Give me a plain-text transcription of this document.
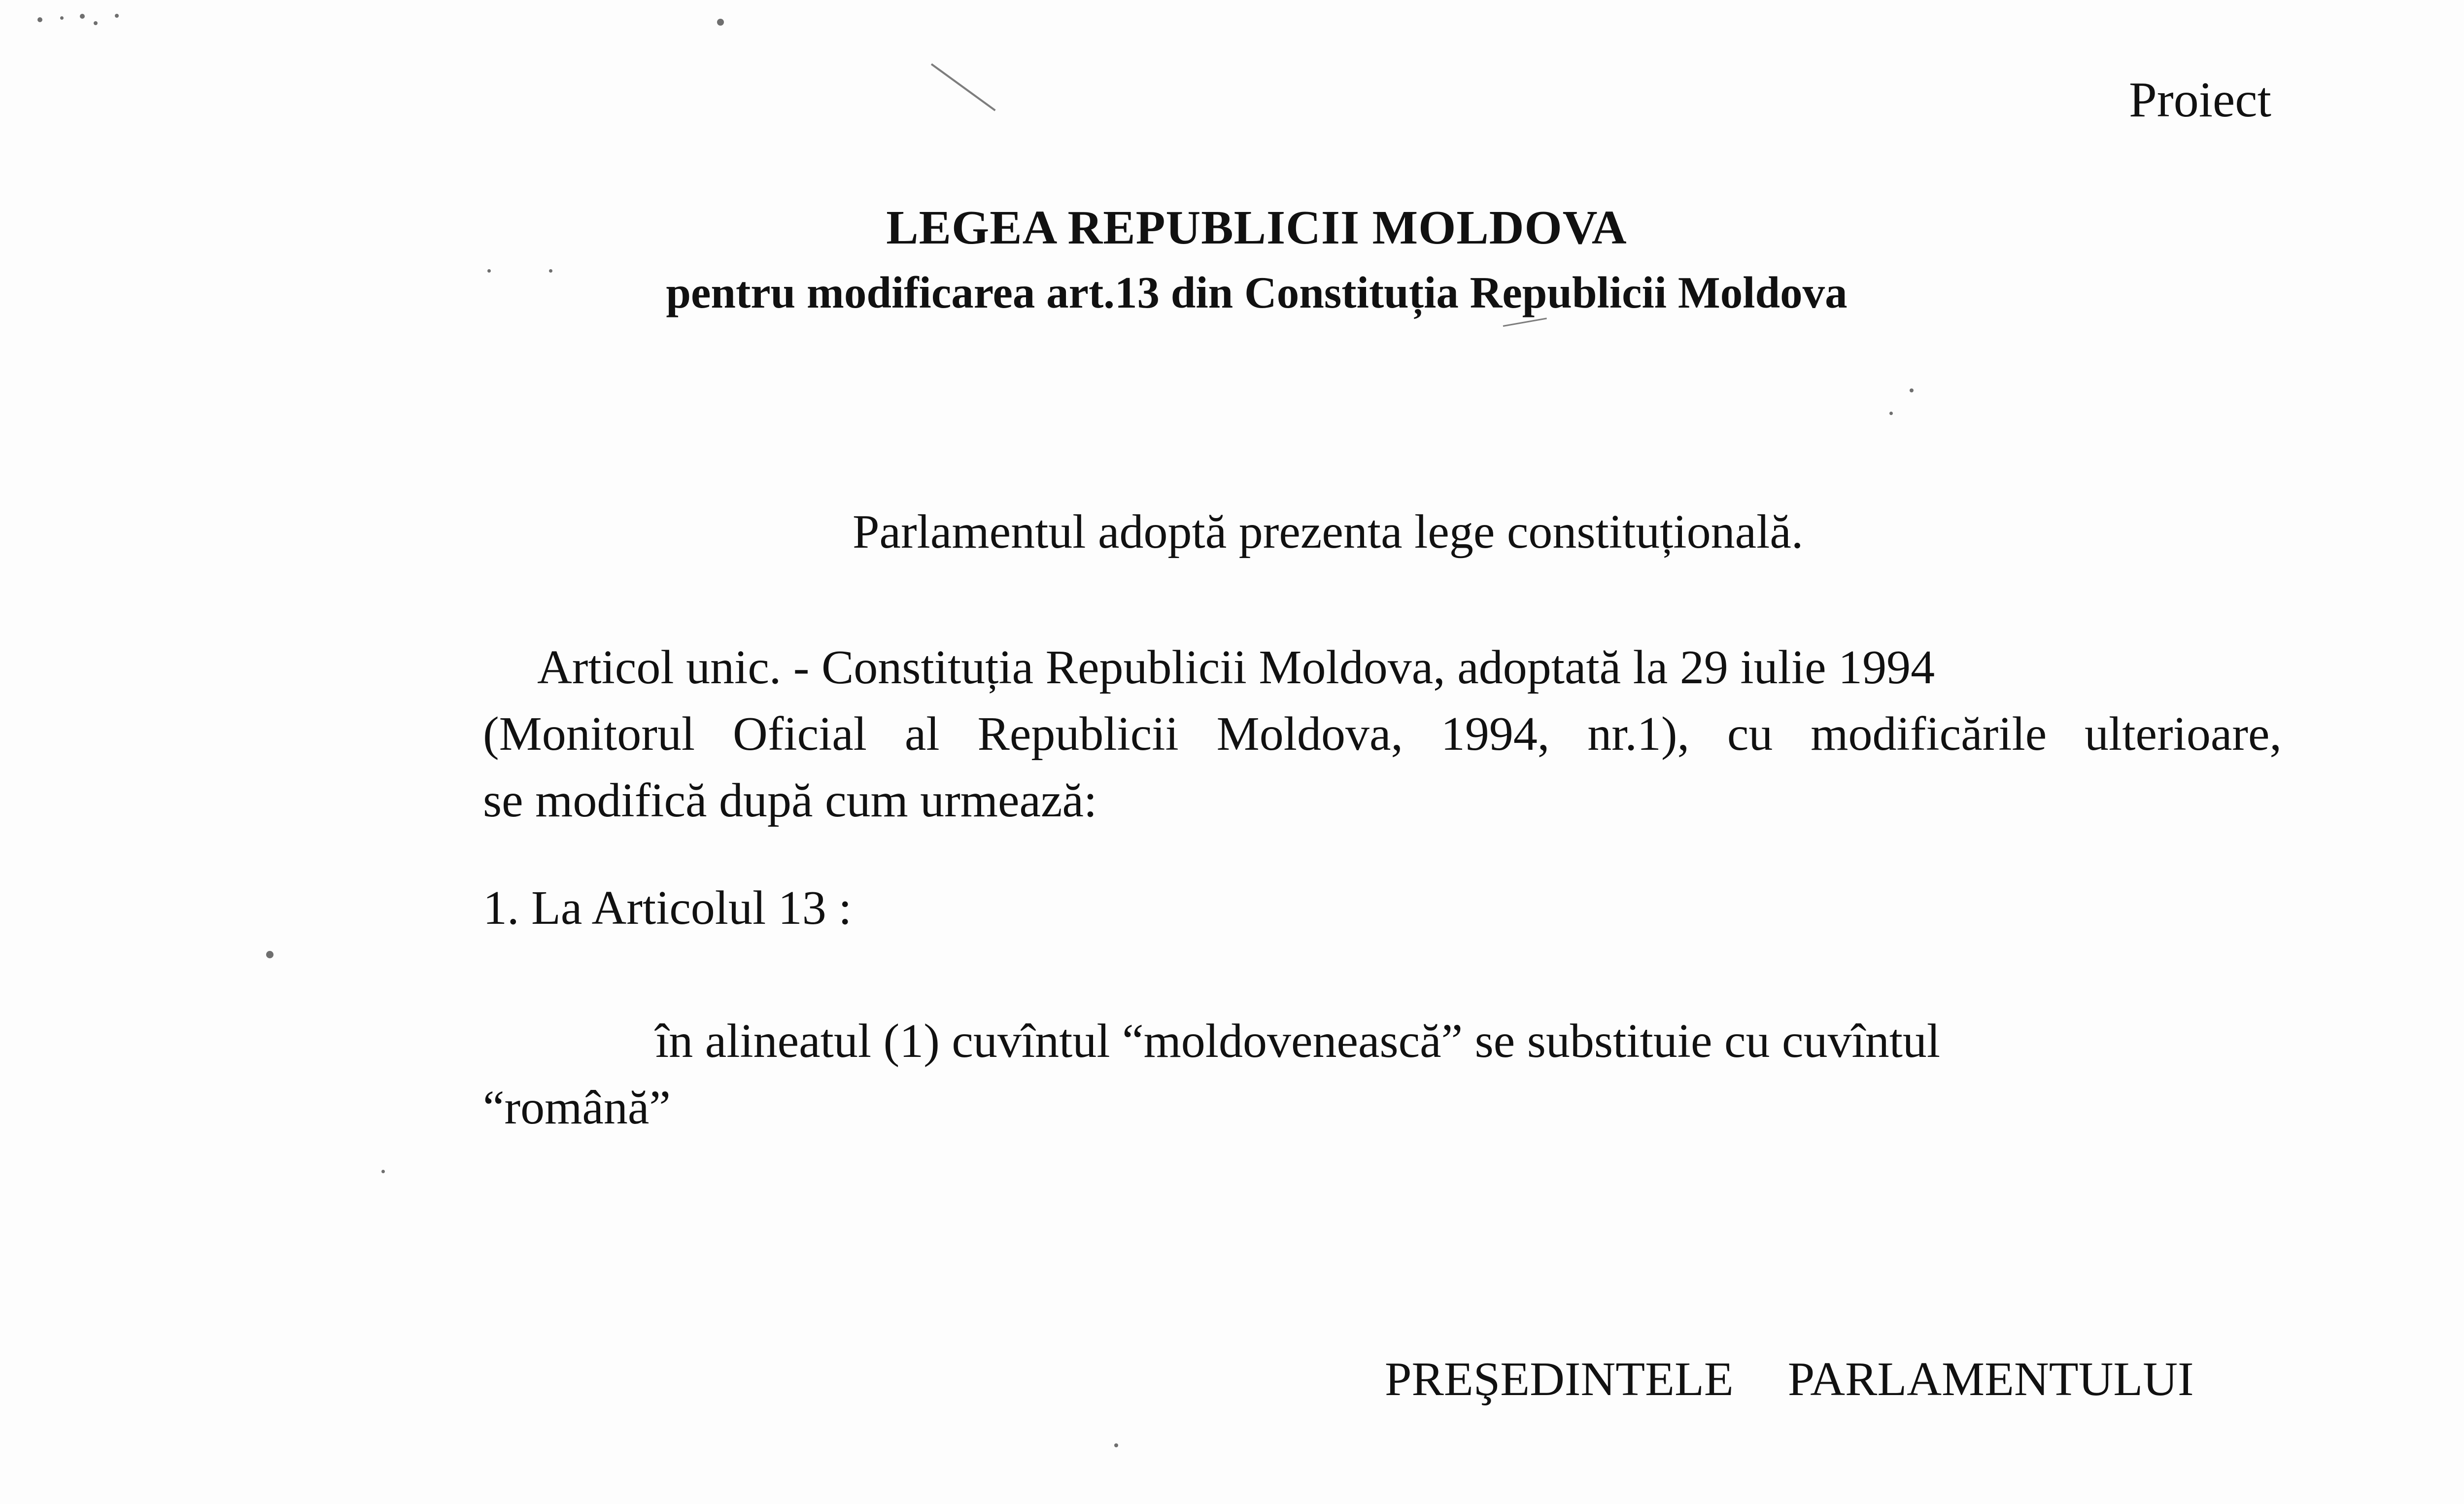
Proiect
LEGEA REPUBLICII MOLDOVA
pentru modificarea art.13 din Constituția Republicii Moldova
Parlamentul adoptă prezenta lege constituțională.
Articol unic. - Constituția Republicii Moldova, adoptată la 29 iulie 1994
(Monitorul Oficial al Republicii Moldova, 1994, nr.1), cu modificările ulterioare,
se modifică după cum urmează:
1. La Articolul 13 :
în alineatul (1) cuvîntul “moldovenească” se substituie cu cuvîntul
“română”
PREŞEDINTELE PARLAMENTULUI
